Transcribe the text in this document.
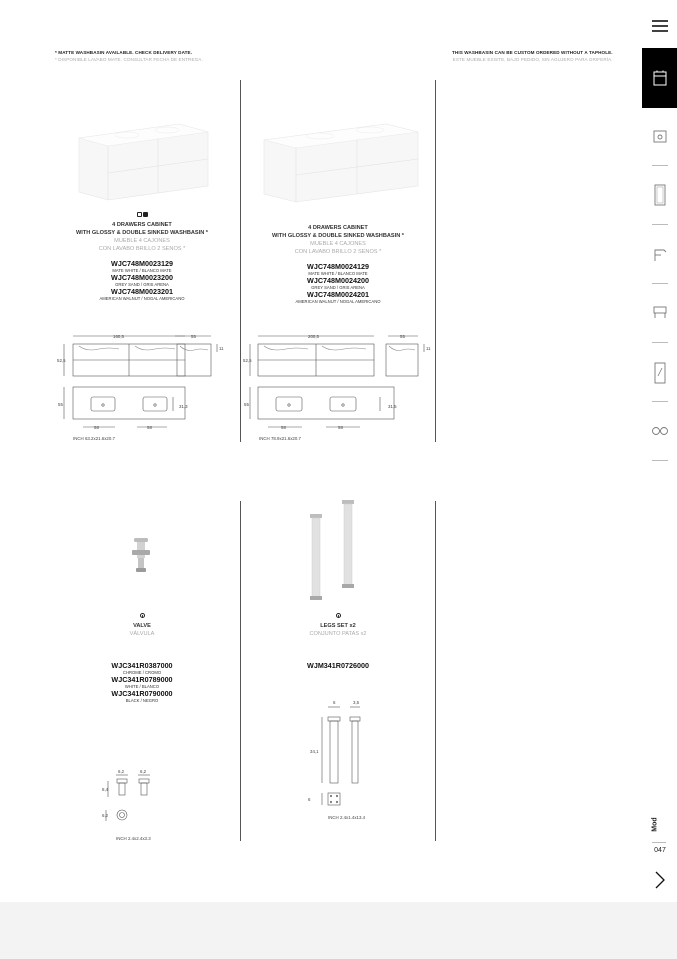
* MATTE WASHBASIN AVAILABLE. CHECK DELIVERY DATE.
* DISPONIBLE LAVABO MATE. CONSULTAR FECHA DE ENTREGA.
THIS WASHBASIN CAN BE CUSTOM ORDERED WITHOUT A TAPHOLE.
ESTE MUEBLE EXISTE, BAJO PEDIDO, SIN AGUJERO PARA GRIFERÍA.
4 DRAWERS CABINET
WITH GLOSSY & DOUBLE SINKED WASHBASIN *
MUEBLE 4 CAJONES
CON LAVABO BRILLO 2 SENOS *
WJC748M0023129
MATE WHITE / BLANCO MATE
WJC748M0023200
GREY SAND / GRIS ARENA
WJC748M0023201
AMERICAN WALNUT / NOGAL AMERICANO
160,5	55
52,5
11
55	31,3
58	58
INCH 63.2x21.6x20.7
4 DRAWERS CABINET
WITH GLOSSY & DOUBLE SINKED WASHBASIN *
MUEBLE 4 CAJONES
CON LAVABO BRILLO 2 SENOS *
WJC748M0024129
MATE WHITE / BLANCO MATE
WJC748M0024200
GREY SAND / GRIS ARENA
WJC748M0024201
AMERICAN WALNUT / NOGAL AMERICANO
200,5	55
52,5
11
55	31,5
58	58
INCH 78.9x21.6x20.7
VALVE
VÁLVULA
WJC341R0387000
CHROME / CROMO
WJC341R0789000
WHITE / BLANCO
WJC341R0790000
BLACK / NEGRO
6,2	6,2
8,4
6,2
INCH 2.4x2.4x3.3
LEGS SET x2
CONJUNTO PATAS x2
WJM341R0726000
6	3,5
34,1
6
INCH 2.4x1.4x13.4	Mod
047
